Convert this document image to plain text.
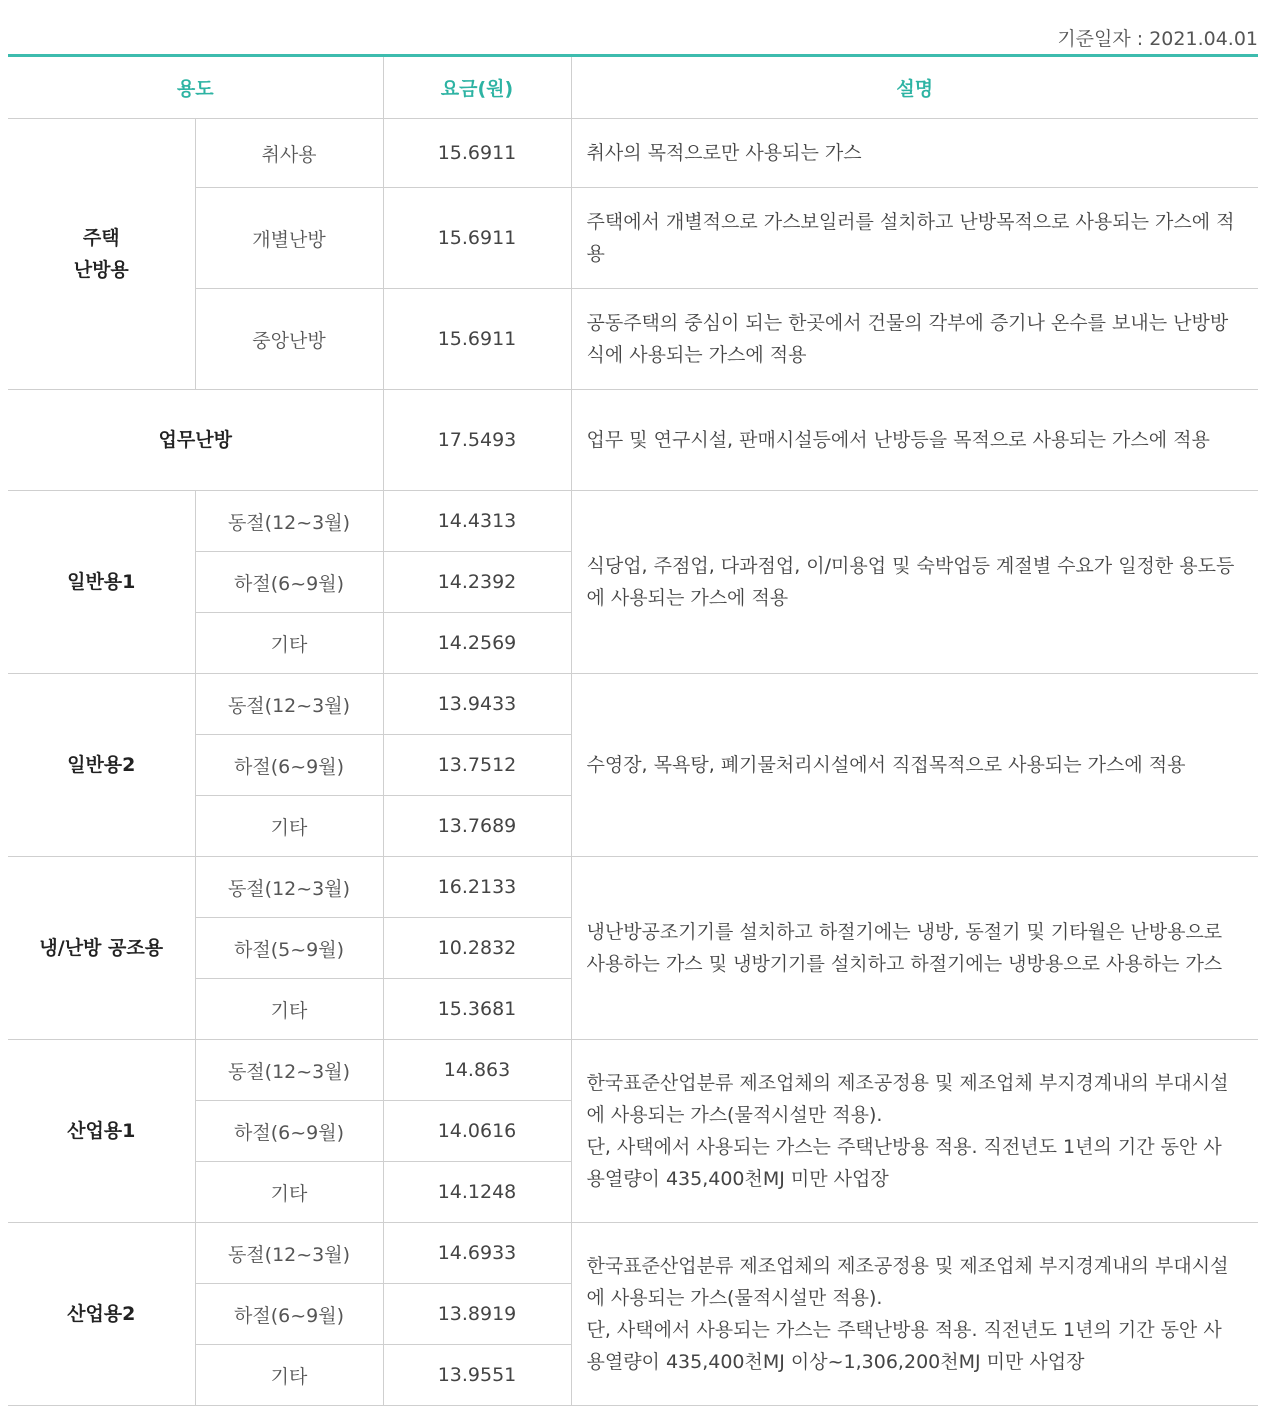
기준일자 : 2021.04.01
용도		요금(원)	설명

주택
난방용	취사용	15.6911	취사의 목적으로만 사용되는 가스
	개별난방	15.6911	주택에서 개별적으로 가스보일러를 설치하고 난방목적으로 사용되는 가스에 적용
	중앙난방	15.6911	공동주택의 중심이 되는 한곳에서 건물의 각부에 증기나 온수를 보내는 난방방식에 사용되는 가스에 적용
업무난방		17.5493	업무 및 연구시설, 판매시설등에서 난방등을 목적으로 사용되는 가스에 적용
일반용1	동절(12~3월)	14.4313	식당업, 주점업, 다과점업, 이/미용업 및 숙박업등 계절별 수요가 일정한 용도등에 사용되는 가스에 적용
	하절(6~9월)	14.2392	
	기타	14.2569	
일반용2	동절(12~3월)	13.9433	수영장, 목욕탕, 폐기물처리시설에서 직접목적으로 사용되는 가스에 적용
	하절(6~9월)	13.7512	
	기타	13.7689	
냉/난방 공조용	동절(12~3월)	16.2133	냉난방공조기기를 설치하고 하절기에는 냉방, 동절기 및 기타월은 난방용으로 사용하는 가스 및 냉방기기를 설치하고 하절기에는 냉방용으로 사용하는 가스
	하절(5~9월)	10.2832	
	기타	15.3681	
산업용1	동절(12~3월)	14.863	한국표준산업분류 제조업체의 제조공정용 및 제조업체 부지경계내의 부대시설에 사용되는 가스(물적시설만 적용).
단, 사택에서 사용되는 가스는 주택난방용 적용. 직전년도 1년의 기간 동안 사용열량이 435,400천MJ 미만 사업장

	하절(6~9월)	14.0616	
	기타	14.1248	
산업용2	동절(12~3월)	14.6933	한국표준산업분류 제조업체의 제조공정용 및 제조업체 부지경계내의 부대시설에 사용되는 가스(물적시설만 적용).
단, 사택에서 사용되는 가스는 주택난방용 적용. 직전년도 1년의 기간 동안 사용열량이 435,400천MJ 이상~1,306,200천MJ 미만 사업장

	하절(6~9월)	13.8919	
	기타	13.9551	
